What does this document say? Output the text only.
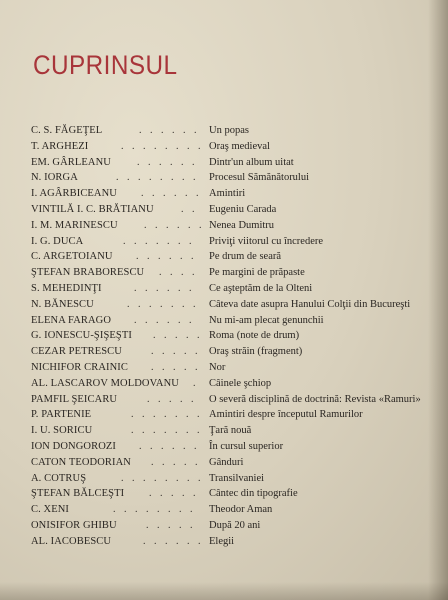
CUPRINSUL
C. S. FĂGEŢEL	. . . . . . Un popas
T. ARGHEZI	. . . . . . . . Oraş medieval
EM. GÂRLEANU	. . . . . . Dintr'un album uitat
N. IORGA	. . . . . . . . Procesul Sămănătorului
I. AGÂRBICEANU . . . . . . Amintiri
VINTILĂ I. C. BRĂTIANU	. . Eugeniu Carada
I. M. MARINESCU	. . . . . . Nenea Dumitru
I. G. DUCA	. . . . . . . Priviţi viitorul cu încredere
C. ARGETOIANU . . . . . . Pe drum de seară
ŞTEFAN BRABORESCU . . . . Pe margini de prăpaste
S. MEHEDINŢI	. . . . . . Ce aşteptăm de la Olteni
N. BĂNESCU	. . . . . . . Câteva date asupra Hanului Colţii din Bucureşti
ELENA FARAGO . . . . . . Nu mi-am plecat genunchii
G. IONESCU-ŞIŞEŞTI . . . . . Roma (note de drum)
CEZAR PETRESCU	. . . . . Oraş străin (fragment)
NICHIFOR CRAINIC . . . . . Nor
AL. LASCAROV MOLDOVANU . Câinele şchiop
PAMFIL ŞEICARU	. . . . . O severă disciplină de doctrină: Revista «Ramuri»
P. PARTENIE	. . . . . . . Amintiri despre începutul Ramurilor
I. U. SORICU	. . . . . . . Ţară nouă
ION DONGOROZI . . . . . . În cursul superior
CATON TEODORIAN . . . . . Gânduri
A. COTRUŞ	. . . . . . . . Transilvaniei
ŞTEFAN BĂLCEŞTI . . . . . Cântec din tipografie
C. XENI	. . . . . . . . Theodor Aman
ONISIFOR GHIBU	. . . . . După 20 ani
AL. IACOBESCU	. . . . . . Elegii
